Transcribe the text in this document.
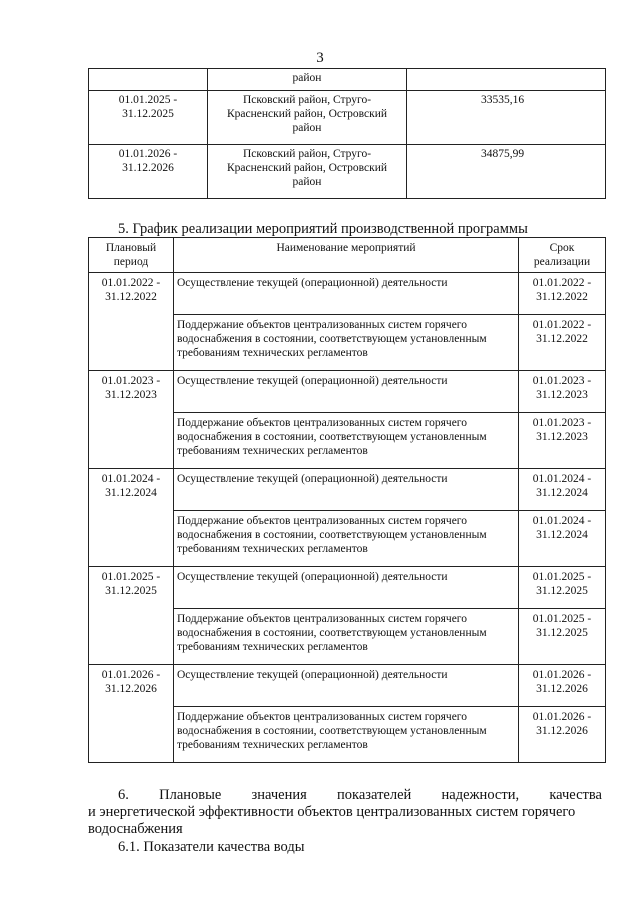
3
	район	
01.01.2025 - 31.12.2025	Псковский район, Струго-Красненский район, Островский район	33535,16
01.01.2026 - 31.12.2026	Псковский район, Струго-Красненский район, Островский район	34875,99
5. График реализации мероприятий производственной программы
Плановый период	Наименование мероприятий	Срок реализации
01.01.2022 - 31.12.2022	Осуществление текущей (операционной) деятельности	01.01.2022 - 31.12.2022
	Поддержание объектов централизованных систем горячего водоснабжения в состоянии, соответствующем установленным требованиям технических регламентов	01.01.2022 - 31.12.2022
01.01.2023 - 31.12.2023	Осуществление текущей (операционной) деятельности	01.01.2023 - 31.12.2023
	Поддержание объектов централизованных систем горячего водоснабжения в состоянии, соответствующем установленным требованиям технических регламентов	01.01.2023 - 31.12.2023
01.01.2024 - 31.12.2024	Осуществление текущей (операционной) деятельности	01.01.2024 - 31.12.2024
	Поддержание объектов централизованных систем горячего водоснабжения в состоянии, соответствующем установленным требованиям технических регламентов	01.01.2024 - 31.12.2024
01.01.2025 - 31.12.2025	Осуществление текущей (операционной) деятельности	01.01.2025 - 31.12.2025
	Поддержание объектов централизованных систем горячего водоснабжения в состоянии, соответствующем установленным требованиям технических регламентов	01.01.2025 - 31.12.2025
01.01.2026 - 31.12.2026	Осуществление текущей (операционной) деятельности	01.01.2026 - 31.12.2026
	Поддержание объектов централизованных систем горячего водоснабжения в состоянии, соответствующем установленным требованиям технических регламентов	01.01.2026 - 31.12.2026
6. Плановые значения показателей надежности, качества
и энергетической эффективности объектов централизованных систем горячего водоснабжения
6.1. Показатели качества воды
